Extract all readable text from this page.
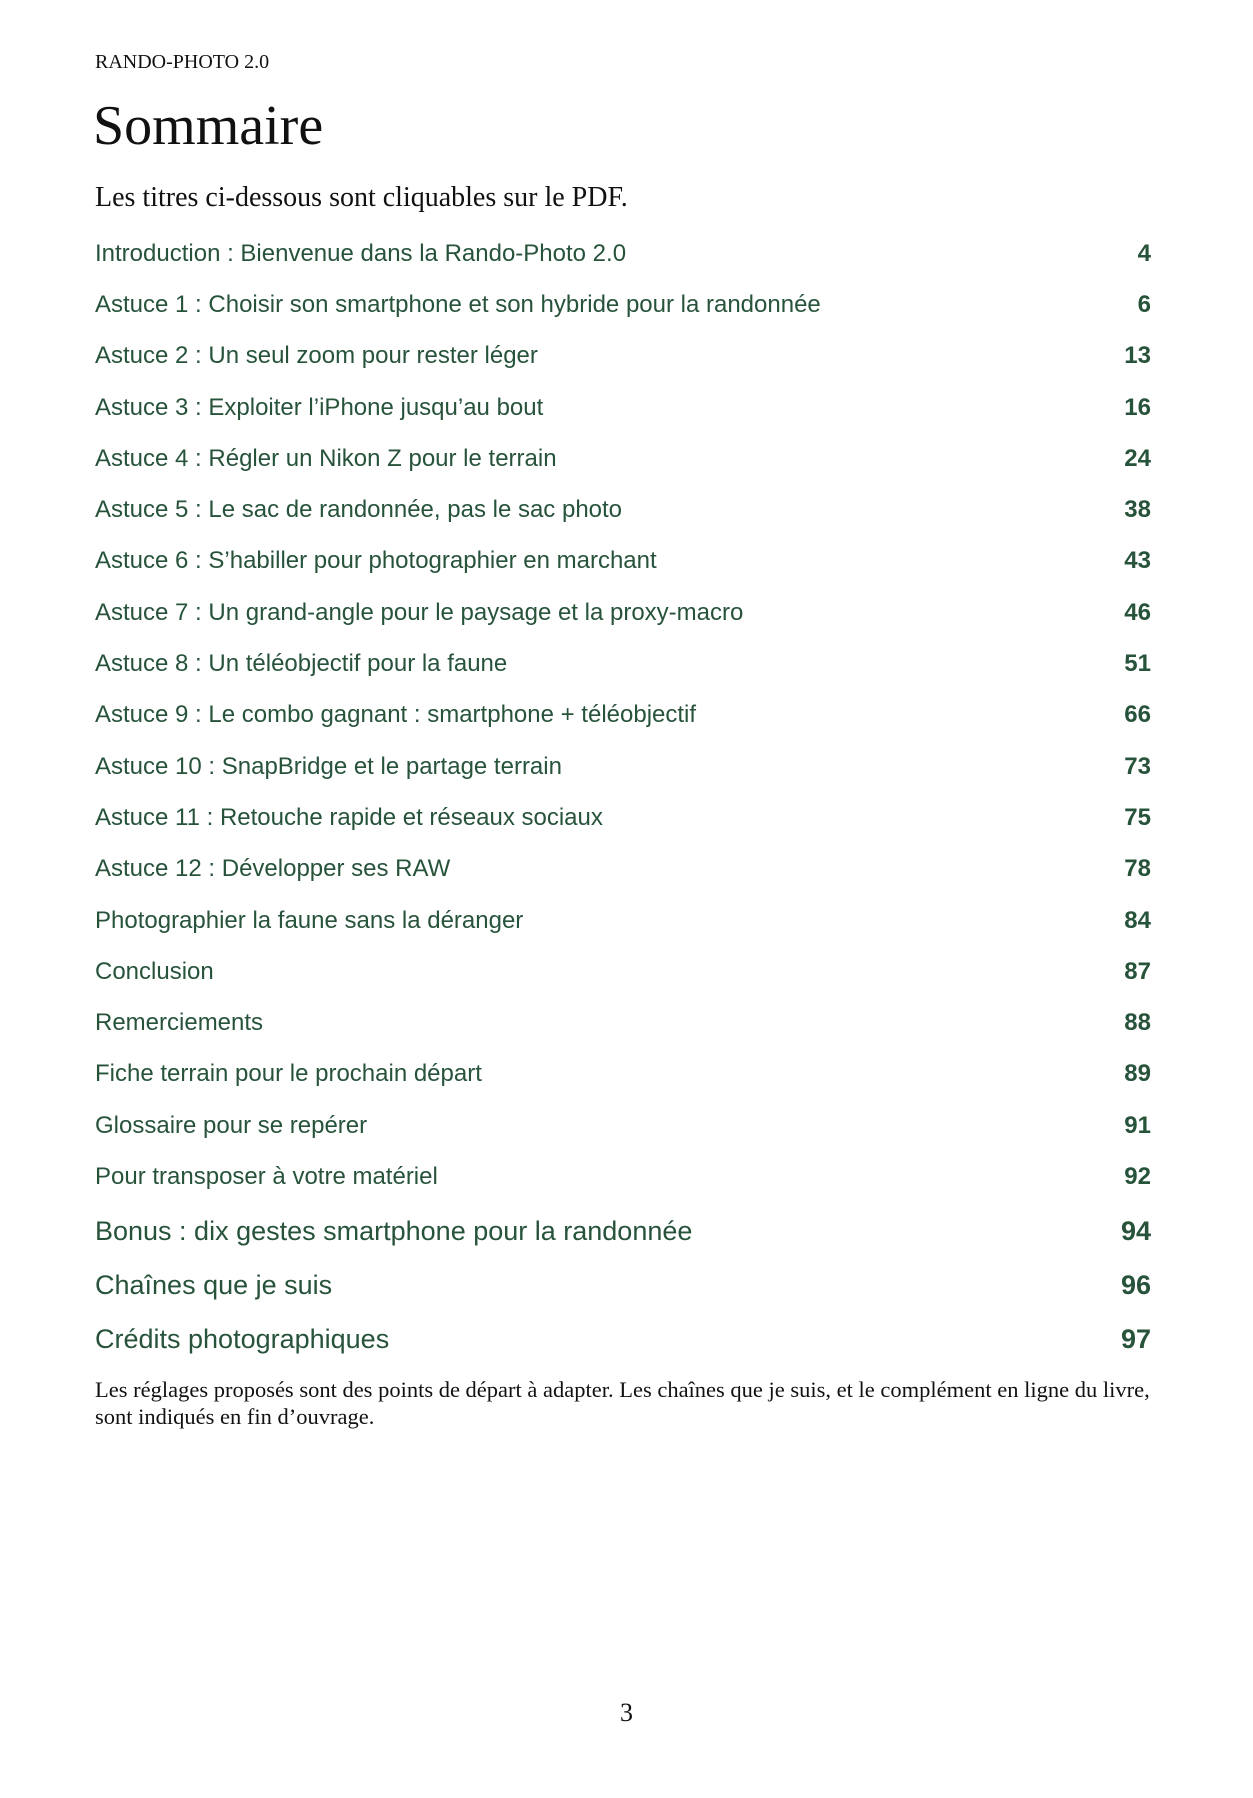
RANDO-PHOTO 2.0
Sommaire

Les titres ci-dessous sont cliquables sur le PDF.

Introduction : Bienvenue dans la Rando-Photo 2.0	4
Astuce 1 : Choisir son smartphone et son hybride pour la randonnée	6
Astuce 2 : Un seul zoom pour rester léger	13
Astuce 3 : Exploiter l’iPhone jusqu’au bout	16
Astuce 4 : Régler un Nikon Z pour le terrain	24
Astuce 5 : Le sac de randonnée, pas le sac photo	38
Astuce 6 : S’habiller pour photographier en marchant	43
Astuce 7 : Un grand-angle pour le paysage et la proxy-macro	46
Astuce 8 : Un téléobjectif pour la faune	51
Astuce 9 : Le combo gagnant : smartphone + téléobjectif	66
Astuce 10 : SnapBridge et le partage terrain	73
Astuce 11 : Retouche rapide et réseaux sociaux	75
Astuce 12 : Développer ses RAW	78
Photographier la faune sans la déranger	84
Conclusion	87
Remerciements	88
Fiche terrain pour le prochain départ	89
Glossaire pour se repérer	91
Pour transposer à votre matériel	92
Bonus : dix gestes smartphone pour la randonnée	94
Chaînes que je suis	96
Crédits photographiques	97

Les réglages proposés sont des points de départ à adapter. Les chaînes que je suis, et le complément en ligne du livre, sont indiqués en fin d’ouvrage.

3
